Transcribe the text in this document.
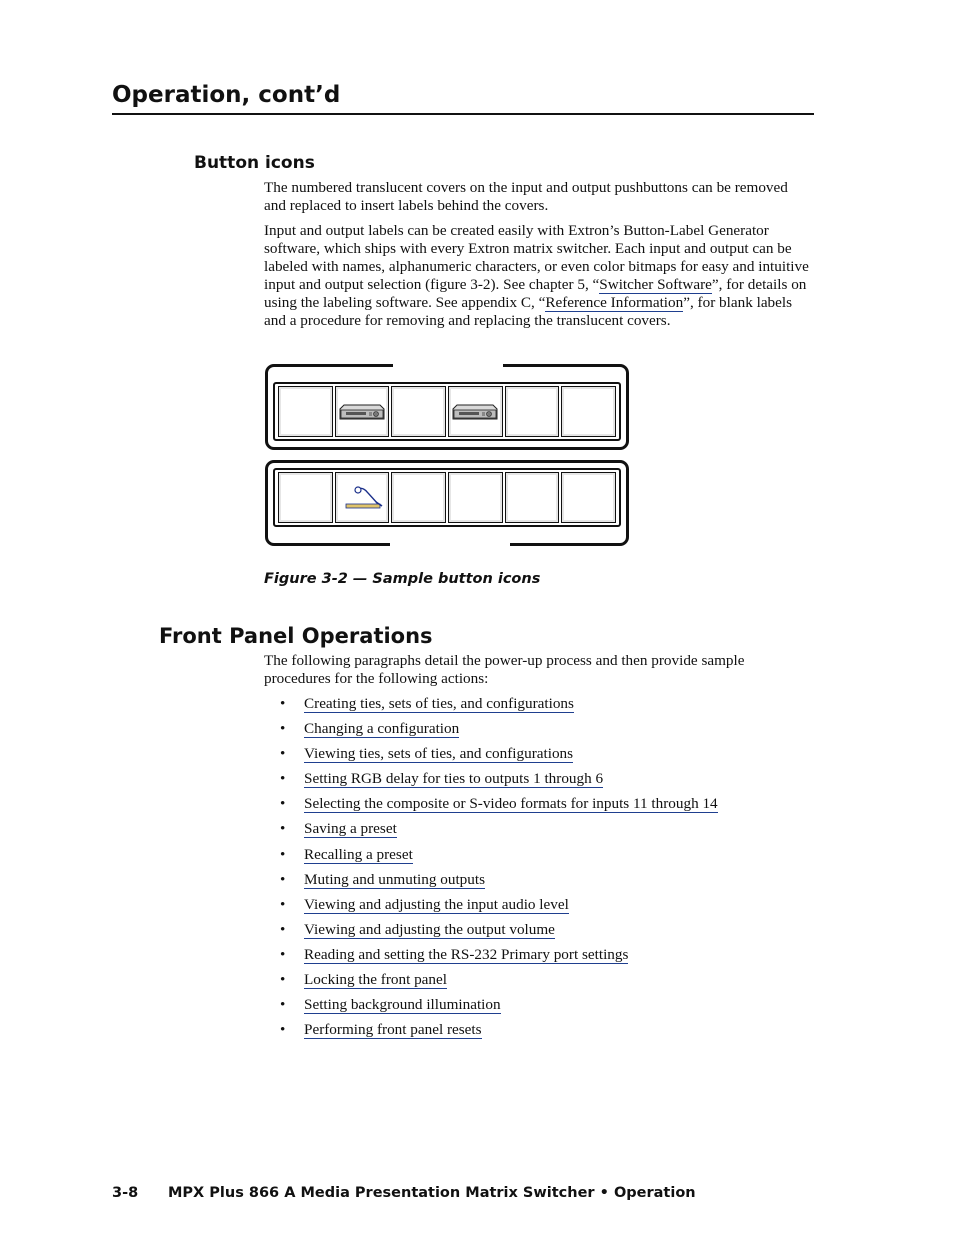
Operation, cont’d
Button icons

The numbered translucent covers on the input and output pushbuttons can be removed and replaced to insert labels behind the covers.

Input and output labels can be created easily with Extron’s Button-Label Generator software, which ships with every Extron matrix switcher. Each input and output can be labeled with names, alphanumeric characters, or even color bitmaps for easy and intuitive input and output selection (figure 3-2). See chapter 5, “Switcher Software”, for details on using the labeling software. See appendix C, “Reference Information”, for blank labels and a procedure for removing and replacing the translucent covers.

Figure 3-2 — Sample button icons

Front Panel Operations

The following paragraphs detail the power-up process and then provide sample procedures for the following actions:

• Creating ties, sets of ties, and configurations
• Changing a configuration
• Viewing ties, sets of ties, and configurations
• Setting RGB delay for ties to outputs 1 through 6
• Selecting the composite or S-video formats for inputs 11 through 14
• Saving a preset
• Recalling a preset
• Muting and unmuting outputs
• Viewing and adjusting the input audio level
• Viewing and adjusting the output volume
• Reading and setting the RS-232 Primary port settings
• Locking the front panel
• Setting background illumination
• Performing front panel resets
3-8 MPX Plus 866 A Media Presentation Matrix Switcher • Operation
